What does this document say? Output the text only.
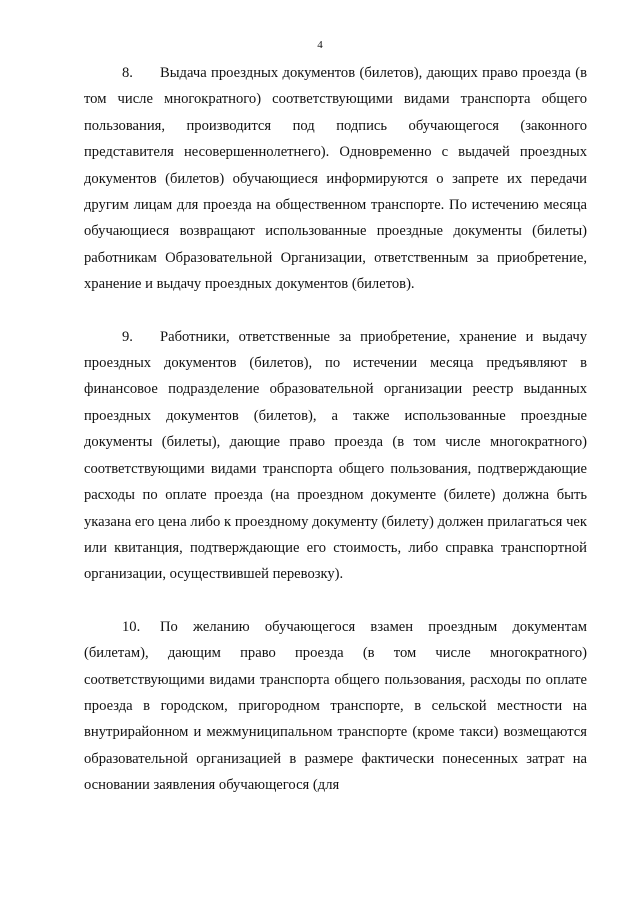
4

8. Выдача проездных документов (билетов), дающих право проезда (в том числе многократного) соответствующими видами транспорта общего пользования, производится под подпись обучающегося (законного представителя несовершеннолетнего). Одновременно с выдачей проездных документов (билетов) обучающиеся информируются о запрете их передачи другим лицам для проезда на общественном транспорте. По истечению месяца обучающиеся возвращают использованные проездные документы (билеты) работникам Образовательной Организации, ответственным за приобретение, хранение и выдачу проездных документов (билетов).

9. Работники, ответственные за приобретение, хранение и выдачу проездных документов (билетов), по истечении месяца предъявляют в финансовое подразделение образовательной организации реестр выданных проездных документов (билетов), а также использованные проездные документы (билеты), дающие право проезда (в том числе многократного) соответствующими видами транспорта общего пользования, подтверждающие расходы по оплате проезда (на проездном документе (билете) должна быть указана его цена либо к проездному документу (билету) должен прилагаться чек или квитанция, подтверждающие его стоимость, либо справка транспортной организации, осуществившей перевозку).

10. По желанию обучающегося взамен проездным документам (билетам), дающим право проезда (в том числе многократного) соответствующими видами транспорта общего пользования, расходы по оплате проезда в городском, пригородном транспортe, в сельской местности на внутрирайонном и межмуниципальном транспорте (кроме такси) возмещаются образовательной организацией в размере фактически понесенных затрат на основании заявления обучающегося (для
